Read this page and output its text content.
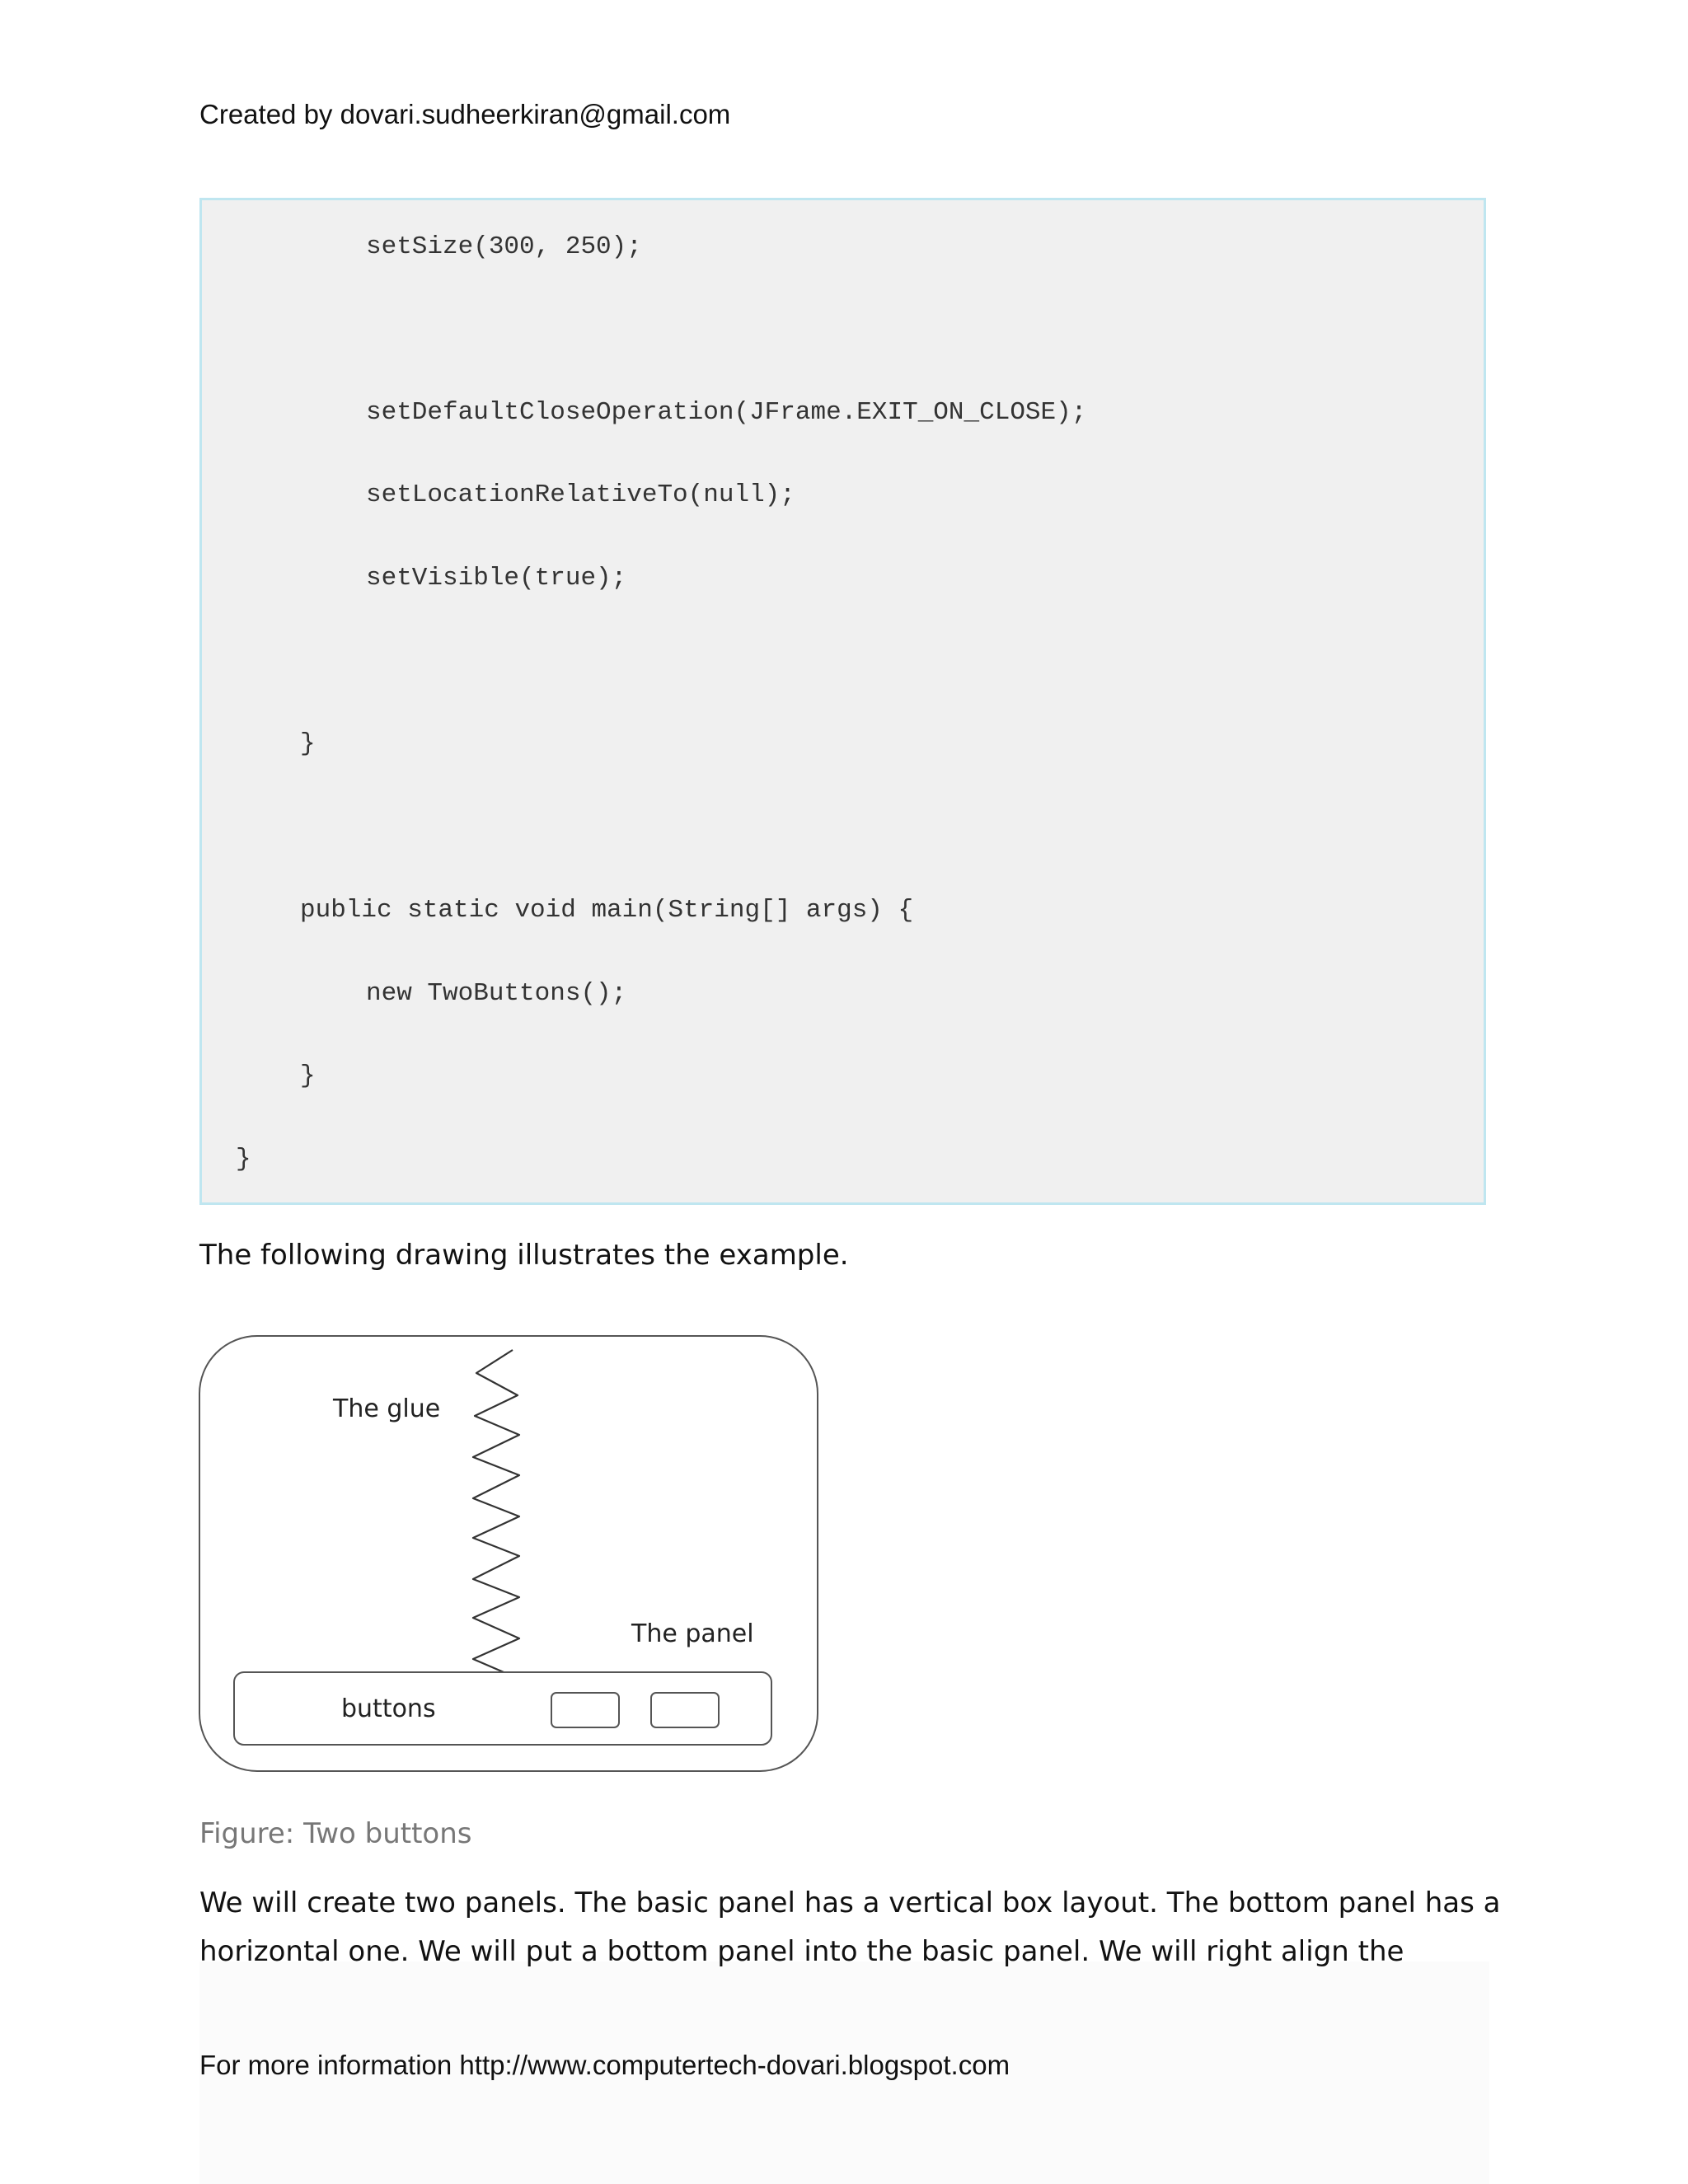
Created by dovari.sudheerkiran@gmail.com
setSize(300, 250);
setDefaultCloseOperation(JFrame.EXIT_ON_CLOSE);
setLocationRelativeTo(null);
setVisible(true);
}
public static void main(String[] args) {
new TwoButtons();
}
}
The following drawing illustrates the example.
The glue
The panel
buttons
Figure: Two buttons
We will create two panels. The basic panel has a vertical box layout. The bottom panel has a
horizontal one. We will put a bottom panel into the basic panel. We will right align the
For more information http://www.computertech-dovari.blogspot.com
